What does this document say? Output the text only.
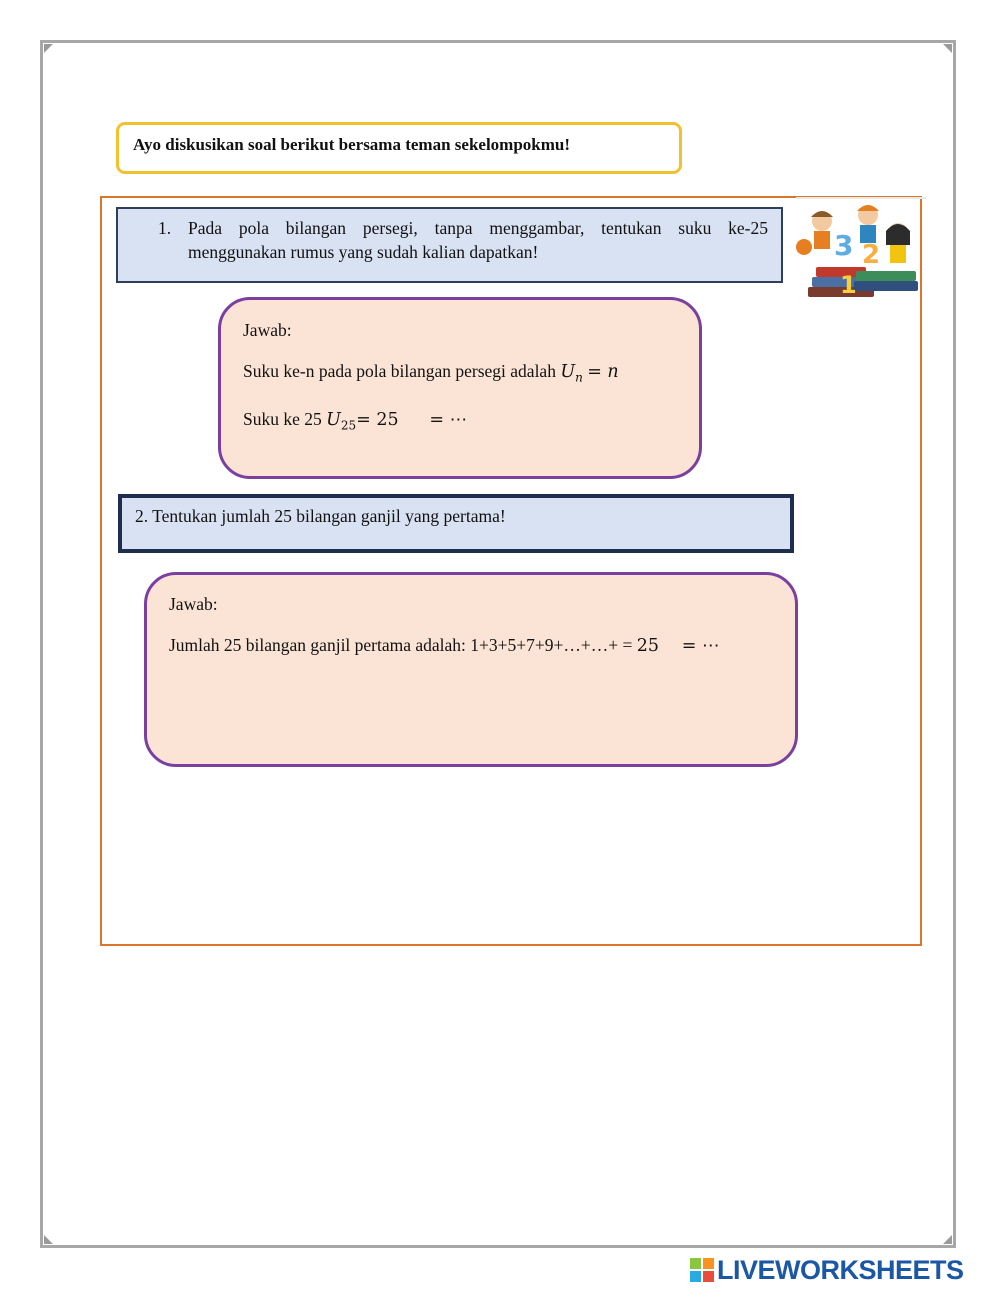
Ayo diskusikan soal berikut bersama teman sekelompokmu!
1. Pada pola bilangan persegi, tanpa menggambar, tentukan suku ke-25
menggunakan rumus yang sudah kalian dapatkan!	3 2
1

Jawab:

Suku ke-n pada pola bilangan persegi adalah $U_n = n$

Suku ke 25 $U_{25}= 25$ = ⋯

2. Tentukan jumlah 25 bilangan ganjil yang pertama!

Jawab:

Jumlah 25 bilangan ganjil pertama adalah: 1+3+5+7+9+…+…+ = 25 = ⋯

LIVEWORKSHEETS
